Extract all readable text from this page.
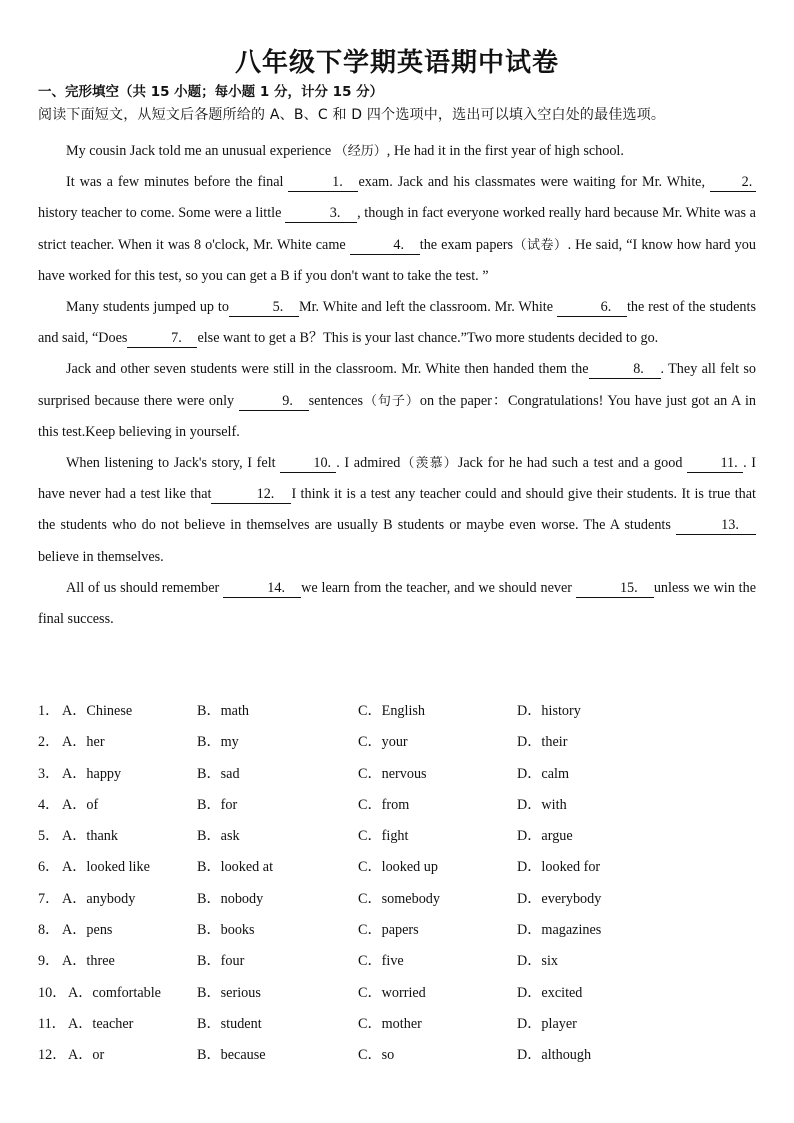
八年级下学期英语期中试卷
一、完形填空（共 15 小题；每小题 1 分，计分 15 分）
阅读下面短文，从短文后各题所给的 A、B、C 和 D 四个选项中，选出可以填入空白处的最佳选项。

My cousin Jack told me an unusual experience （经历）, He had it in the first year of high school.

It was a few minutes before the final	1. exam. Jack and his classmates were waiting for Mr. White, 2.history teacher to come. Some were a little	3. , though in fact everyone worked really hard because Mr. White was a strict teacher. When it was 8 o'clock, Mr. White came	4. the exam papers（试卷）. He said, “I know how hard you have worked for this test, so you can get a B if you don't want to take the test. ”

Many students jumped up to	5. Mr. White and left the classroom. Mr. White	6. the rest of the students and said, “Does	7. else want to get a B？This is your last chance.”Two more students decided to go.

Jack and other seven students were still in the classroom. Mr. White then handed them the	8. . They all felt so surprised because there were only	9. sentences（句子）on the paper：Congratulations! You have just got an A in this test.Keep believing in yourself.

When listening to Jack's story, I felt 10. . I admired（羡慕）Jack for he had such a test and a good 11. . I have never had a test like that	12. I think it is a test any teacher could and should give their students. It is true that the students who do not believe in themselves are usually B students or maybe even worse. The A students	13.believe in themselves.

All of us should remember	14. we learn from the teacher, and we should never	15. unless we win the final success.

1． A．Chinese	B．math	C．English	D．history
2． A．her	B．my	C．your	D．their
3． A．happy	B．sad	C．nervous	D．calm
4． A．of	B．for	C．from	D．with
5． A．thank	B．ask	C．fight	D．argue
6． A．looked like	B．looked at	C．looked up	D．looked for
7． A．anybody	B．nobody	C．somebody	D．everybody
8． A．pens	B．books	C．papers	D．magazines
9． A．three	B．four	C．five	D．six
10． A．comfortable	B．serious	C．worried	D．excited
11． A．teacher	B．student	C．mother	D．player
12． A．or	B．because	C．so	D．although
